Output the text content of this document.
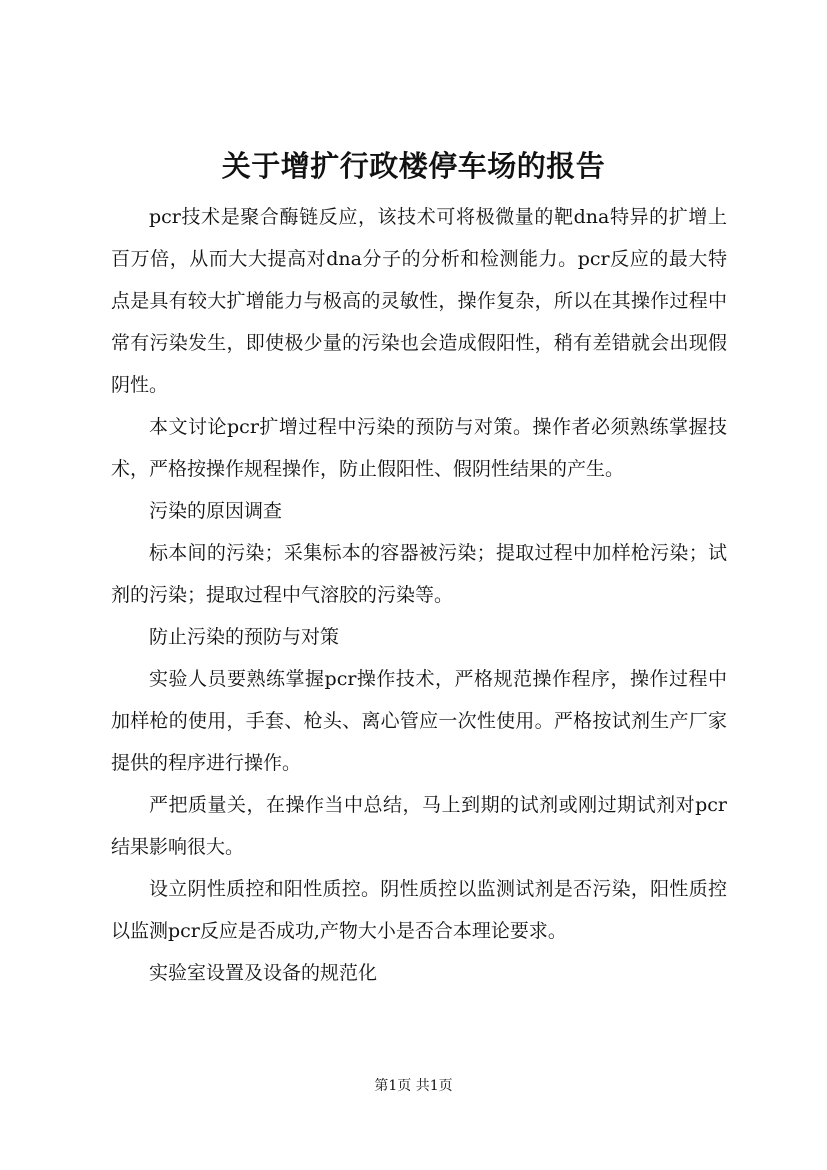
关于增扩行政楼停车场的报告

pcr技术是聚合酶链反应，该技术可将极微量的靶dna特异的扩增上百万倍，从而大大提高对dna分子的分析和检测能力。pcr反应的最大特点是具有较大扩增能力与极高的灵敏性，操作复杂，所以在其操作过程中常有污染发生，即使极少量的污染也会造成假阳性，稍有差错就会出现假阴性。

本文讨论pcr扩增过程中污染的预防与对策。操作者必须熟练掌握技术，严格按操作规程操作，防止假阳性、假阴性结果的产生。

污染的原因调查

标本间的污染；采集标本的容器被污染；提取过程中加样枪污染；试剂的污染；提取过程中气溶胶的污染等。

防止污染的预防与对策

实验人员要熟练掌握pcr操作技术，严格规范操作程序，操作过程中加样枪的使用，手套、枪头、离心管应一次性使用。严格按试剂生产厂家提供的程序进行操作。

严把质量关，在操作当中总结，马上到期的试剂或刚过期试剂对pcr结果影响很大。

设立阴性质控和阳性质控。阴性质控以监测试剂是否污染，阳性质控以监测pcr反应是否成功,产物大小是否合本理论要求。

实验室设置及设备的规范化

第1页 共1页
